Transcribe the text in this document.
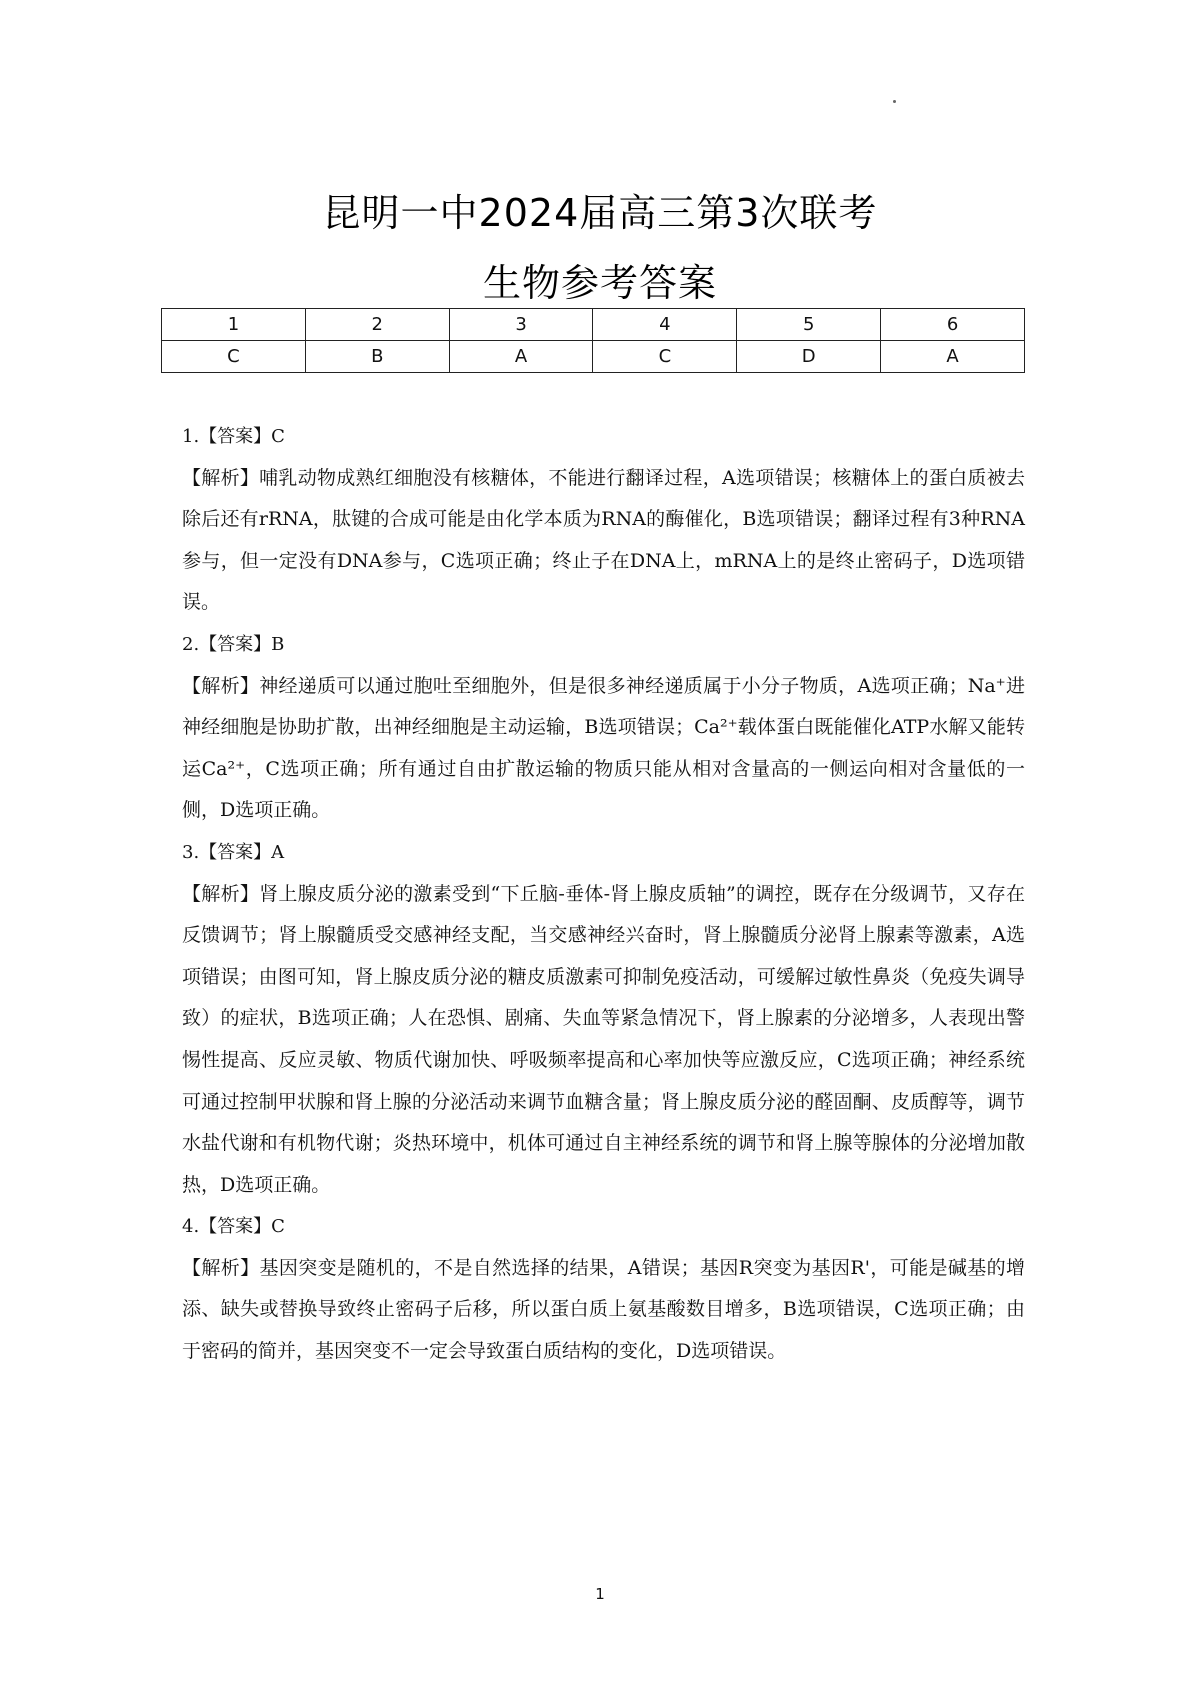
昆明一中2024届高三第3次联考
生物参考答案
1	2	3	4	5	6
C	B	A	C	D	A

1.【答案】C

【解析】哺乳动物成熟红细胞没有核糖体，不能进行翻译过程，A选项错误；核糖体上的蛋白质被去除后还有rRNA，肽键的合成可能是由化学本质为RNA的酶催化，B选项错误；翻译过程有3种RNA参与，但一定没有DNA参与，C选项正确；终止子在DNA上，mRNA上的是终止密码子，D选项错误。

2.【答案】B

【解析】神经递质可以通过胞吐至细胞外，但是很多神经递质属于小分子物质，A选项正确；Na⁺进神经细胞是协助扩散，出神经细胞是主动运输，B选项错误；Ca²⁺载体蛋白既能催化ATP水解又能转运Ca²⁺，C选项正确；所有通过自由扩散运输的物质只能从相对含量高的一侧运向相对含量低的一侧，D选项正确。

3.【答案】A

【解析】肾上腺皮质分泌的激素受到“下丘脑-垂体-肾上腺皮质轴”的调控，既存在分级调节，又存在反馈调节；肾上腺髓质受交感神经支配，当交感神经兴奋时，肾上腺髓质分泌肾上腺素等激素，A选项错误；由图可知，肾上腺皮质分泌的糖皮质激素可抑制免疫活动，可缓解过敏性鼻炎（免疫失调导致）的症状，B选项正确；人在恐惧、剧痛、失血等紧急情况下，肾上腺素的分泌增多，人表现出警惕性提高、反应灵敏、物质代谢加快、呼吸频率提高和心率加快等应激反应，C选项正确；神经系统可通过控制甲状腺和肾上腺的分泌活动来调节血糖含量；肾上腺皮质分泌的醛固酮、皮质醇等，调节水盐代谢和有机物代谢；炎热环境中，机体可通过自主神经系统的调节和肾上腺等腺体的分泌增加散热，D选项正确。

4.【答案】C

【解析】基因突变是随机的，不是自然选择的结果，A错误；基因R突变为基因R'，可能是碱基的增添、缺失或替换导致终止密码子后移，所以蛋白质上氨基酸数目增多，B选项错误，C选项正确；由于密码的简并，基因突变不一定会导致蛋白质结构的变化，D选项错误。

1
